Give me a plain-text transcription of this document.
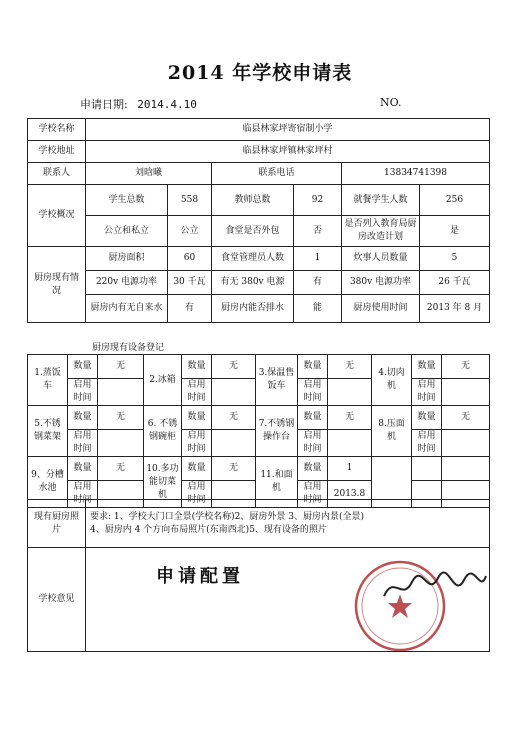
2014 年学校申请表
申请日期: 2014.4.10	NO.
学校名称	临县林家坪寄宿制小学					
学校地址	临县林家坪镇林家坪村					
联系人	刘晗曦		联系电话		13834741398	
学校概况	学生总数	558	教师总数	92	就餐学生人数	256
	公立和私立	公立	食堂是否外包	否	是否列入教育局厨房改造计划	是
厨房现有情况	厨房面积	60	食堂管理员人数	1	炊事人员数量	5
	220v 电源功率	30 千瓦	有无 380v 电源	有	380v 电源功率	26 千瓦
	厨房内有无自来水	有	厨房内能否排水	能	厨房使用时间	2013 年 8 月
厨房现有设备登记
1.蒸饭车	数量	无	2.冰箱	数量	无	3.保温售饭车	数量	无	4.切肉机	数量	无
	启用时间			启用时间			启用时间			启用时间	
5.不锈钢菜架	数量	无	6. 不锈钢碗柜	数量	无	7.不锈钢操作台	数量	无	8.压面机	数量	无
	启用时间			启用时间			启用时间			启用时间	
9、分槽水池	数量	无	10.多功能切菜机	数量	无	11.和面机	数量	1			
	启用时间			启用时间			启用时间	2013.8			
现有厨房照片	要求: 1、学校大门口全景(学校名称)2、厨房外景 3、厨房内景(全景)
4、厨房内 4 个方向布局照片(东南西北)5、现有设备的照片

学校意见	申请配置
